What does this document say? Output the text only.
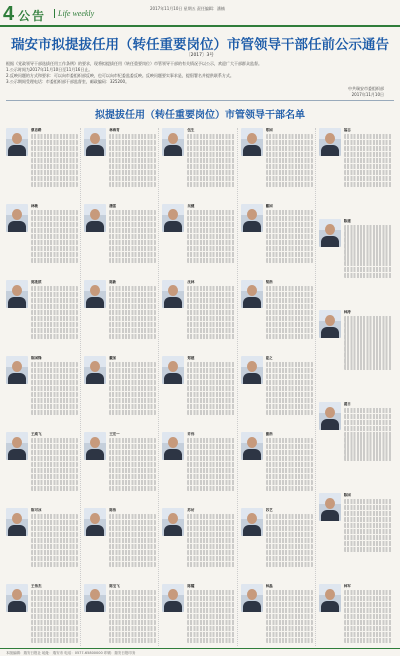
4 公告	Life weekly
2017年11月10日 星期五 责任编辑：潘楠
瑞安市拟提拔任用（转任重要岗位）市管领导干部任前公示通告
〔2017〕3号

根据《党政领导干部选拔任用工作条例》的要求，现将拟提拔任用（转任重要岗位）市管领导干部的有关情况予以公示，欢迎广大干部群众监督。

1.公示时间为2017年11月10日至11月16日止。

2.反映问题的方式和要求：可以向市委组织部反映，也可以向市纪委监委反映。反映问题要实事求是，提倡署名并提供联系方式。

3.公示期间受理电话：市委组织部干部监督室，邮政编码：325200。

中共瑞安市委组织部
2017年11月10日
拟提拔任用（转任重要岗位）市管领导干部名单
蔡忠路
林敏
郭延滨
陈国锋
王威飞
陈可冰
王伟杰
林海青
潘雷
陈新
戴加
王宏一
陈伟
陈宝飞
伍生
吴健
沈林
郑建
许伟
苏坊
陈耀
郑国
戴国
梁浩
夏之
谢浩
苏艺
林磊
翁志
陈建
林涛
虞日
陈国
林军
本版编辑：瑞安日报社 地址：瑞安市 电话：0577-65800000 印刷：瑞安日报印务
